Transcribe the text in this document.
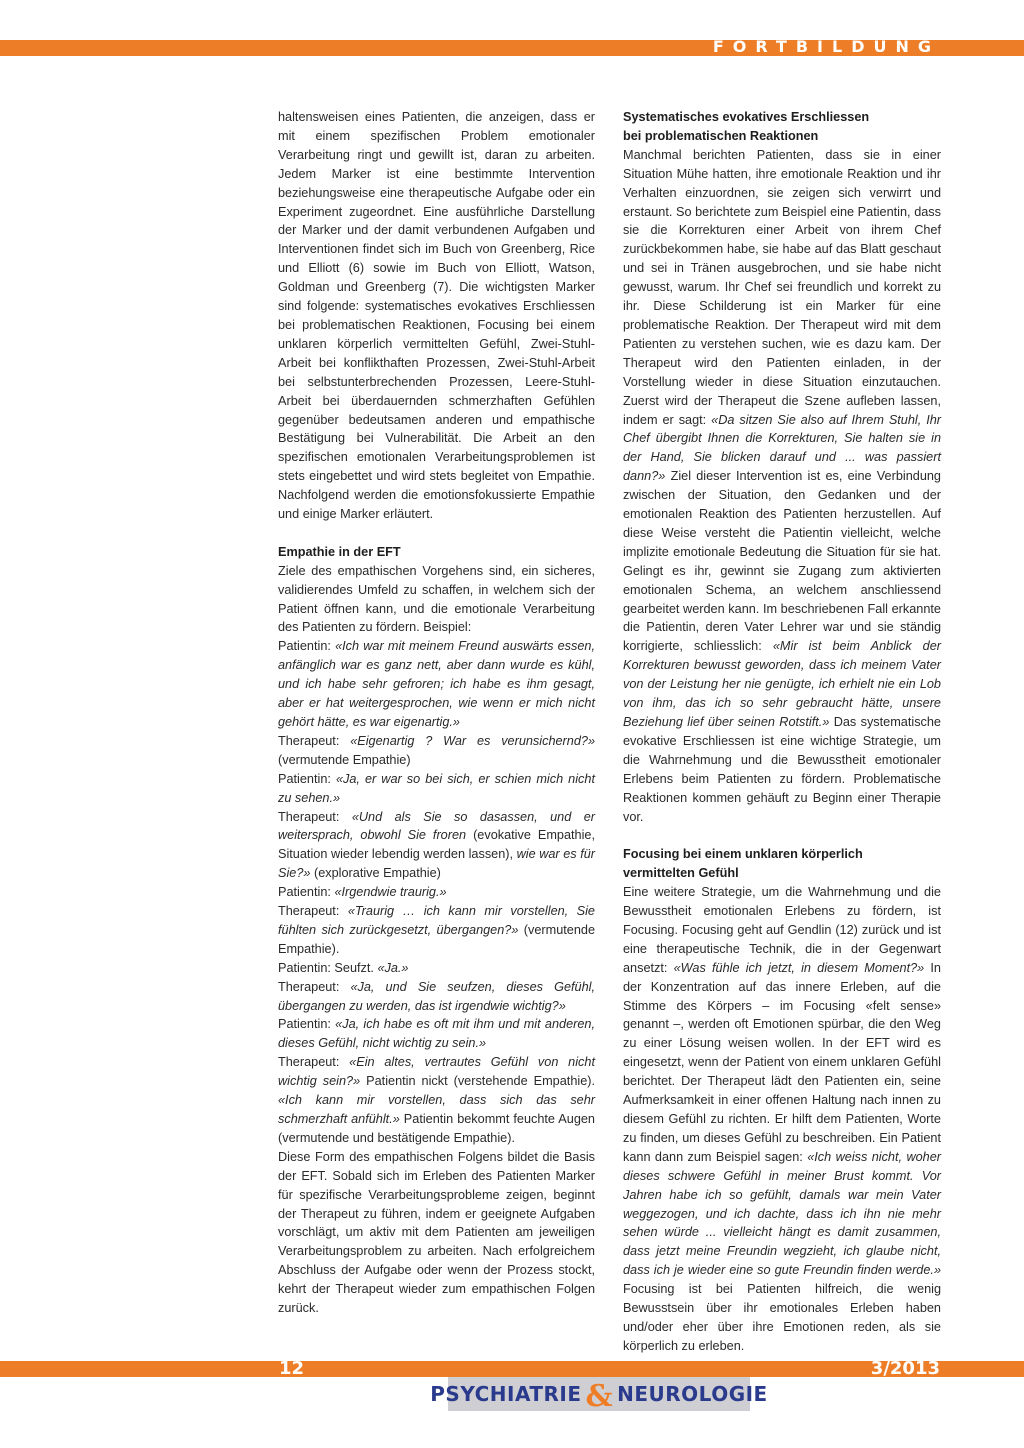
FORTBILDUNG

haltensweisen eines Patienten, die anzeigen, dass er mit einem spezifischen Problem emotionaler Verarbeitung ringt und gewillt ist, daran zu arbeiten. Jedem Marker ist eine bestimmte Intervention beziehungsweise eine therapeutische Aufgabe oder ein Experiment zugeordnet. Eine ausführliche Darstellung der Marker und der damit verbundenen Aufgaben und Interventionen findet sich im Buch von Greenberg, Rice und Elliott (6) sowie im Buch von Elliott, Watson, Goldman und Greenberg (7). Die wichtigsten Marker sind folgende: systematisches evokatives Erschliessen bei problematischen Reaktionen, Focusing bei einem unklaren körperlich vermittelten Gefühl, Zwei-Stuhl-Arbeit bei konflikthaften Prozessen, Zwei-Stuhl-Arbeit bei selbstunterbrechenden Prozessen, Leere-Stuhl-Arbeit bei überdauernden schmerzhaften Gefühlen gegenüber bedeutsamen anderen und empathische Bestätigung bei Vulnerabilität. Die Arbeit an den spezifischen emotionalen Verarbeitungsproblemen ist stets eingebettet und wird stets begleitet von Empathie. Nachfolgend werden die emotionsfokussierte Empathie und einige Marker erläutert.

Empathie in der EFT

Ziele des empathischen Vorgehens sind, ein sicheres, validierendes Umfeld zu schaffen, in welchem sich der Patient öffnen kann, und die emotionale Verarbeitung des Patienten zu fördern. Beispiel:

Patientin: «Ich war mit meinem Freund auswärts essen, anfänglich war es ganz nett, aber dann wurde es kühl, und ich habe sehr gefroren; ich habe es ihm gesagt, aber er hat weitergesprochen, wie wenn er mich nicht gehört hätte, es war eigenartig.»

Therapeut: «Eigenartig ? War es verunsichernd?» (vermutende Empathie)

Patientin: «Ja, er war so bei sich, er schien mich nicht zu sehen.»

Therapeut: «Und als Sie so dasassen, und er weitersprach, obwohl Sie froren (evokative Empathie, Situation wieder lebendig werden lassen), wie war es für Sie?» (explorative Empathie)

Patientin: «Irgendwie traurig.»

Therapeut: «Traurig … ich kann mir vorstellen, Sie fühlten sich zurückgesetzt, übergangen?» (vermutende Empathie).

Patientin: Seufzt. «Ja.»

Therapeut: «Ja, und Sie seufzen, dieses Gefühl, übergangen zu werden, das ist irgendwie wichtig?»

Patientin: «Ja, ich habe es oft mit ihm und mit anderen, dieses Gefühl, nicht wichtig zu sein.»

Therapeut: «Ein altes, vertrautes Gefühl von nicht wichtig sein?» Patientin nickt (verstehende Empathie). «Ich kann mir vorstellen, dass sich das sehr schmerzhaft anfühlt.» Patientin bekommt feuchte Augen (vermutende und bestätigende Empathie).

Diese Form des empathischen Folgens bildet die Basis der EFT. Sobald sich im Erleben des Patienten Marker für spezifische Verarbeitungsprobleme zeigen, beginnt der Therapeut zu führen, indem er geeignete Aufgaben vorschlägt, um aktiv mit dem Patienten am jeweiligen Verarbeitungsproblem zu arbeiten. Nach erfolgreichem Abschluss der Aufgabe oder wenn der Prozess stockt, kehrt der Therapeut wieder zum empathischen Folgen zurück.

Systematisches evokatives Erschliessen
bei problematischen Reaktionen

Manchmal berichten Patienten, dass sie in einer Situation Mühe hatten, ihre emotionale Reaktion und ihr Verhalten einzuordnen, sie zeigen sich verwirrt und erstaunt. So berichtete zum Beispiel eine Patientin, dass sie die Korrekturen einer Arbeit von ihrem Chef zurückbekommen habe, sie habe auf das Blatt geschaut und sei in Tränen ausgebrochen, und sie habe nicht gewusst, warum. Ihr Chef sei freundlich und korrekt zu ihr. Diese Schilderung ist ein Marker für eine problematische Reaktion. Der Therapeut wird mit dem Patienten zu verstehen suchen, wie es dazu kam. Der Therapeut wird den Patienten einladen, in der Vorstellung wieder in diese Situation einzutauchen. Zuerst wird der Therapeut die Szene aufleben lassen, indem er sagt: «Da sitzen Sie also auf Ihrem Stuhl, Ihr Chef übergibt Ihnen die Korrekturen, Sie halten sie in der Hand, Sie blicken darauf und ... was passiert dann?» Ziel dieser Intervention ist es, eine Verbindung zwischen der Situation, den Gedanken und der emotionalen Reaktion des Patienten herzustellen. Auf diese Weise versteht die Patientin vielleicht, welche implizite emotionale Bedeutung die Situation für sie hat. Gelingt es ihr, gewinnt sie Zugang zum aktivierten emotionalen Schema, an welchem anschliessend gearbeitet werden kann. Im beschriebenen Fall erkannte die Patientin, deren Vater Lehrer war und sie ständig korrigierte, schliesslich: «Mir ist beim Anblick der Korrekturen bewusst geworden, dass ich meinem Vater von der Leistung her nie genügte, ich erhielt nie ein Lob von ihm, das ich so sehr gebraucht hätte, unsere Beziehung lief über seinen Rotstift.» Das systematische evokative Erschliessen ist eine wichtige Strategie, um die Wahrnehmung und die Bewusstheit emotionaler Erlebens beim Patienten zu fördern. Problematische Reaktionen kommen gehäuft zu Beginn einer Therapie vor.

Focusing bei einem unklaren körperlich
vermittelten Gefühl

Eine weitere Strategie, um die Wahrnehmung und die Bewusstheit emotionalen Erlebens zu fördern, ist Focusing. Focusing geht auf Gendlin (12) zurück und ist eine therapeutische Technik, die in der Gegenwart ansetzt: «Was fühle ich jetzt, in diesem Moment?» In der Konzentration auf das innere Erleben, auf die Stimme des Körpers – im Focusing «felt sense» genannt –, werden oft Emotionen spürbar, die den Weg zu einer Lösung weisen wollen. In der EFT wird es eingesetzt, wenn der Patient von einem unklaren Gefühl berichtet. Der Therapeut lädt den Patienten ein, seine Aufmerksamkeit in einer offenen Haltung nach innen zu diesem Gefühl zu richten. Er hilft dem Patienten, Worte zu finden, um dieses Gefühl zu beschreiben. Ein Patient kann dann zum Beispiel sagen: «Ich weiss nicht, woher dieses schwere Gefühl in meiner Brust kommt. Vor Jahren habe ich so gefühlt, damals war mein Vater weggezogen, und ich dachte, dass ich ihn nie mehr sehen würde ... vielleicht hängt es damit zusammen, dass jetzt meine Freundin wegzieht, ich glaube nicht, dass ich je wieder eine so gute Freundin finden werde.» Focusing ist bei Patienten hilfreich, die wenig Bewusstsein über ihr emotionales Erleben haben und/oder eher über ihre Emotionen reden, als sie körperlich zu erleben.

12	3/2013
PSYCHIATRIE & NEUROLOGIE
